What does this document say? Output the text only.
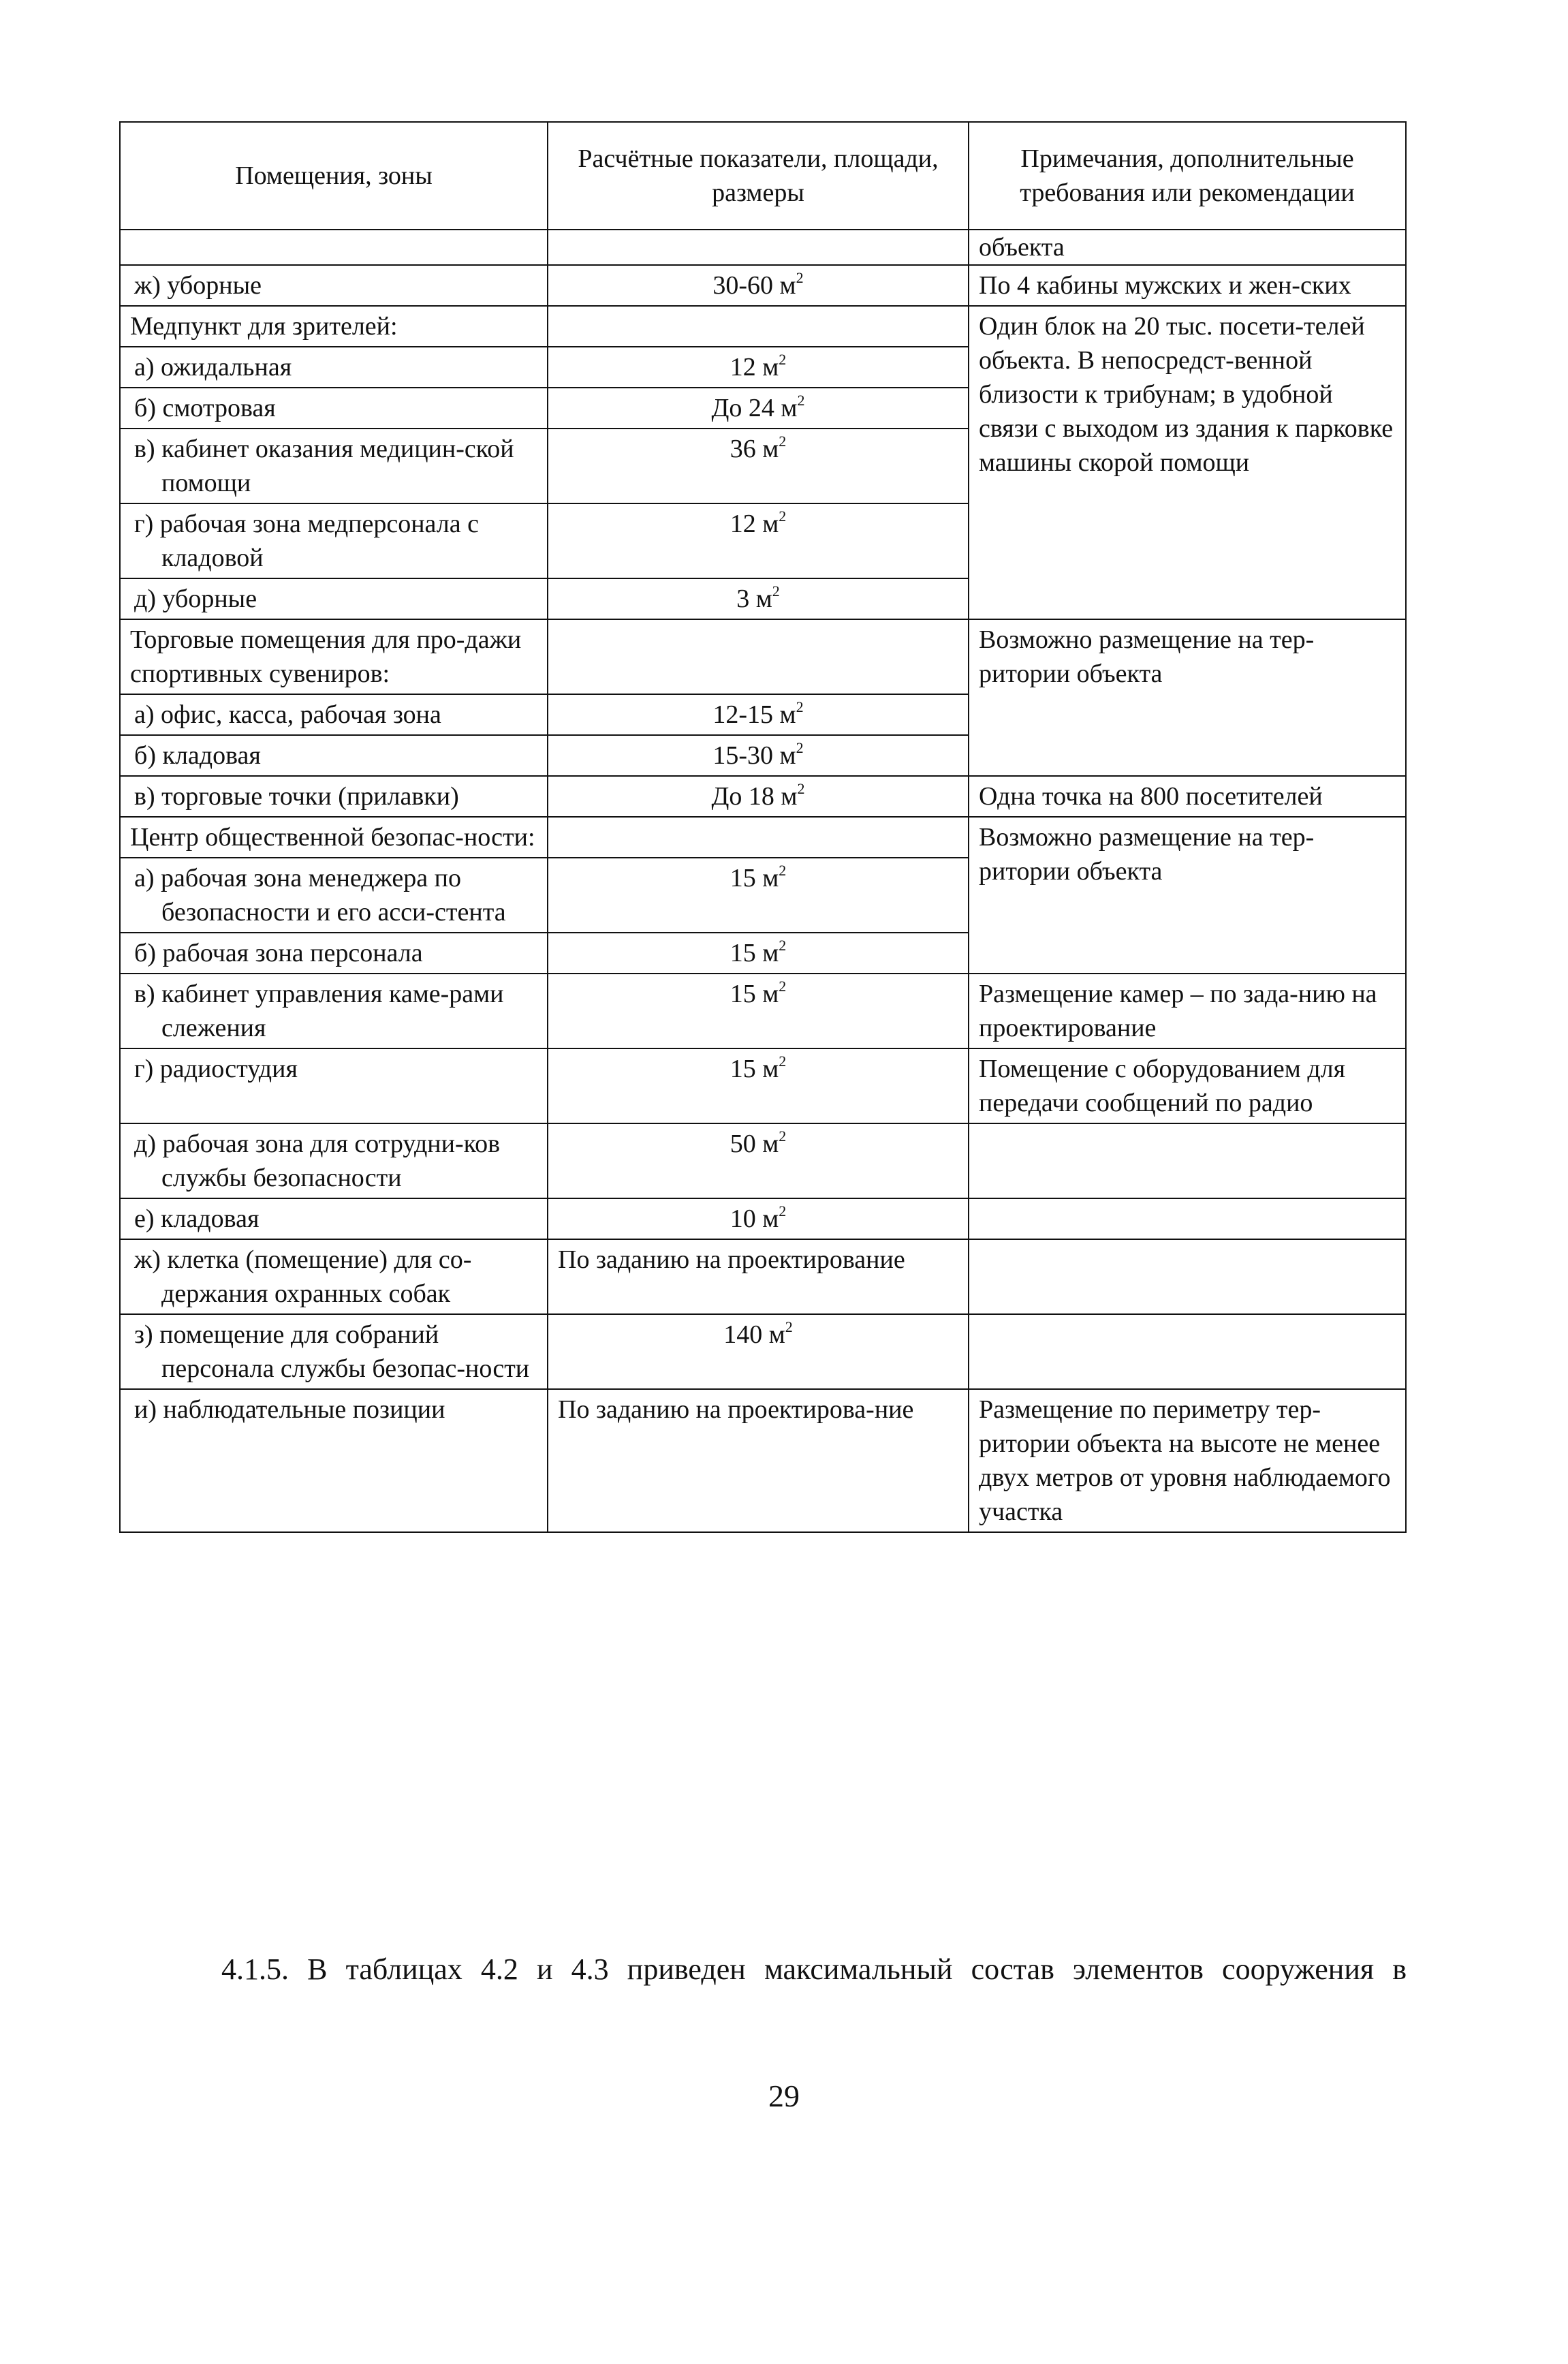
Помещения, зоны	Расчётные показатели, площади, размеры	Примечания, дополнительные требования или рекомендации
		объекта
ж) уборные	30-60 $м^2$	По 4 кабины мужских и жен-ских
Медпункт для зрителей:		Один блок на 20 тыс. посети-телей объекта. В непосредст-венной близости к трибунам; в удобной связи с выходом из здания к парковке машины скорой помощи
а) ожидальная	12 $м^2$
б) смотровая	До 24 $м^2$
в) кабинет оказания медицин-ской помощи	36 $м^2$
г) рабочая зона медперсонала с кладовой	12 $м^2$
д) уборные	3 $м^2$
Торговые помещения для про-дажи спортивных сувениров:		Возможно размещение на тер-ритории объекта
а) офис, касса, рабочая зона	12-15 $м^2$
б) кладовая	15-30 $м^2$
в) торговые точки (прилавки)	До 18 $м^2$	Одна точка на 800 посетителей
Центр общественной безопас-ности:		Возможно размещение на тер-ритории объекта
а) рабочая зона менеджера по безопасности и его асси-стента	15 $м^2$
б) рабочая зона персонала	15 $м^2$
в) кабинет управления каме-рами слежения	15 $м^2$	Размещение камер – по зада-нию на проектирование
г) радиостудия	15 $м^2$	Помещение с оборудованием для передачи сообщений по радио
д) рабочая зона для сотрудни-ков службы безопасности	50 $м^2$	
е) кладовая	10 $м^2$	
ж) клетка (помещение) для со-держания охранных собак	По заданию на проектирование	
з) помещение для собраний персонала службы безопас-ности	140 $м^2$	
и) наблюдательные позиции	По заданию на проектирова-ние	Размещение по периметру тер-ритории объекта на высоте не менее двух метров от уровня наблюдаемого участка
4.1.5. В таблицах 4.2 и 4.3 приведен максимальный состав элементов сооружения в
29
